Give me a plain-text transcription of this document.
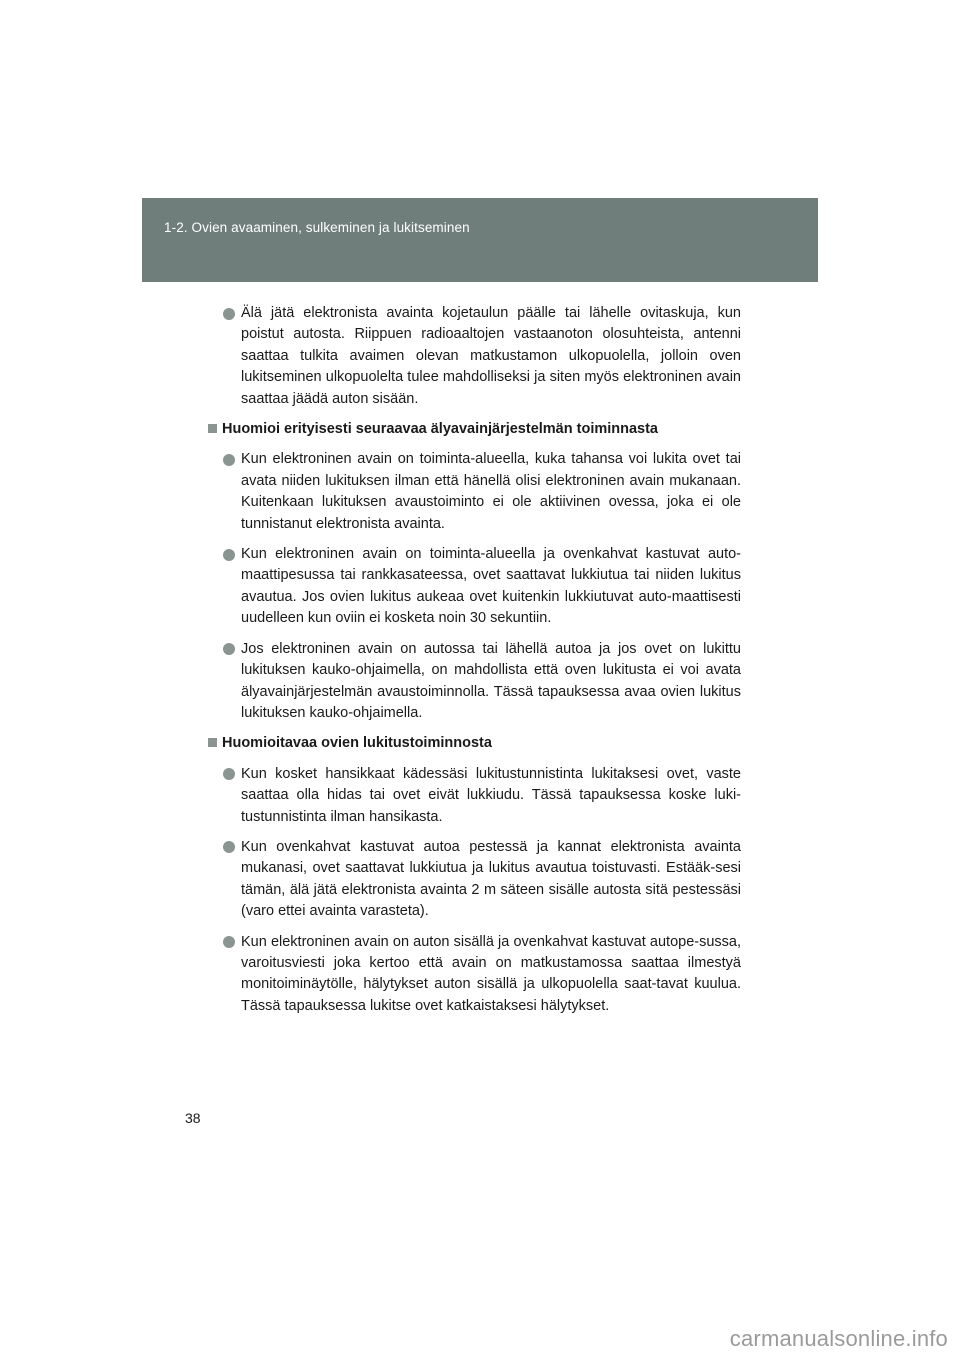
1-2. Ovien avaaminen, sulkeminen ja lukitseminen
Älä jätä elektronista avainta kojetaulun päälle tai lähelle ovitaskuja, kun poistut autosta. Riippuen radioaaltojen vastaanoton olosuhteista, antenni saattaa tulkita avaimen olevan matkustamon ulkopuolella, jolloin oven lukitseminen ulkopuolelta tulee mahdolliseksi ja siten myös elektroninen avain saattaa jäädä auton sisään.
Huomioi erityisesti seuraavaa älyavainjärjestelmän toiminnasta
Kun elektroninen avain on toiminta-alueella, kuka tahansa voi lukita ovet tai avata niiden lukituksen ilman että hänellä olisi elektroninen avain mukanaan. Kuitenkaan lukituksen avaustoiminto ei ole aktiivinen ovessa, joka ei ole tunnistanut elektronista avainta.
Kun elektroninen avain on toiminta-alueella ja ovenkahvat kastuvat auto-maattipesussa tai rankkasateessa, ovet saattavat lukkiutua tai niiden lukitus avautua. Jos ovien lukitus aukeaa ovet kuitenkin lukkiutuvat auto-maattisesti uudelleen kun oviin ei kosketa noin 30 sekuntiin.
Jos elektroninen avain on autossa tai lähellä autoa ja jos ovet on lukittu lukituksen kauko-ohjaimella, on mahdollista että oven lukitusta ei voi avata älyavainjärjestelmän avaustoiminnolla. Tässä tapauksessa avaa ovien lukitus lukituksen kauko-ohjaimella.
Huomioitavaa ovien lukitustoiminnosta
Kun kosket hansikkaat kädessäsi lukitustunnistinta lukitaksesi ovet, vaste saattaa olla hidas tai ovet eivät lukkiudu. Tässä tapauksessa koske luki-tustunnistinta ilman hansikasta.
Kun ovenkahvat kastuvat autoa pestessä ja kannat elektronista avainta mukanasi, ovet saattavat lukkiutua ja lukitus avautua toistuvasti. Estääk-sesi tämän, älä jätä elektronista avainta 2 m säteen sisälle autosta sitä pestessäsi (varo ettei avainta varasteta).
Kun elektroninen avain on auton sisällä ja ovenkahvat kastuvat autope-sussa, varoitusviesti joka kertoo että avain on matkustamossa saattaa ilmestyä monitoiminäytölle, hälytykset auton sisällä ja ulkopuolella saat-tavat kuulua. Tässä tapauksessa lukitse ovet katkaistaksesi hälytykset.
38
carmanualsonline.info
